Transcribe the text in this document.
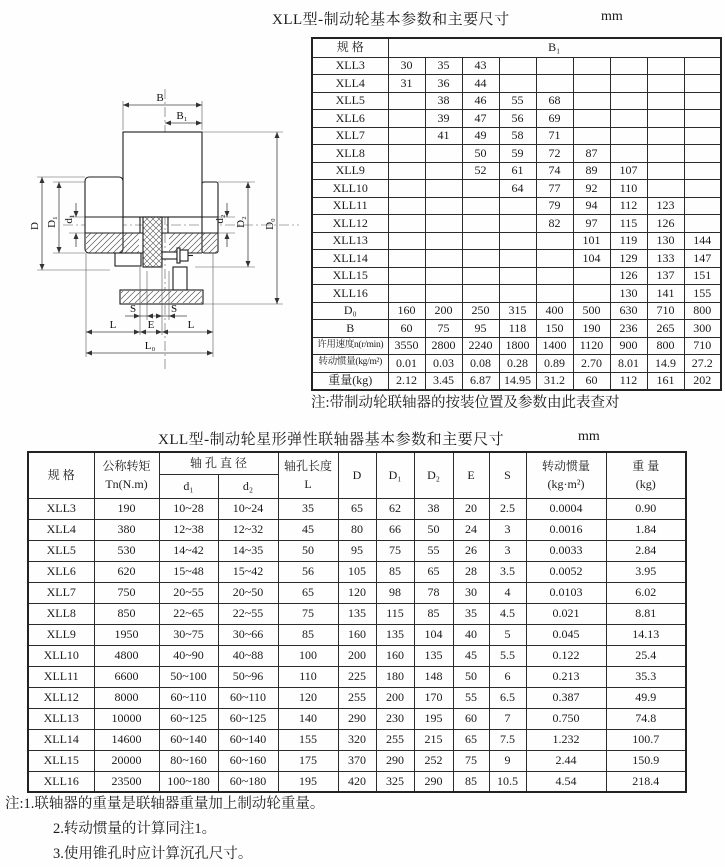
XLL型-制动轮基本参数和主要尺寸	mm
B
B₁
D D₁ d₁	d₂ D₂ D₀
S	S
L	E	L
L₀
规 格	B₁								
XLL3	30	35	43						
XLL4	31	36	44						
XLL5		38	46	55	68				
XLL6		39	47	56	69				
XLL7		41	49	58	71				
XLL8			50	59	72	87			
XLL9			52	61	74	89	107		
XLL10				64	77	92	110		
XLL11					79	94	112	123	
XLL12					82	97	115	126	
XLL13						101	119	130	144
XLL14						104	129	133	147
XLL15							126	137	151
XLL16							130	141	155
D₀	160	200	250	315	400	500	630	710	800
B	60	75	95	118	150	190	236	265	300
许用速度n(r/min)	3550	2800	2240	1800	1400	1120	900	800	710
转动惯量(kg/m²)	0.01	0.03	0.08	0.28	0.89	2.70	8.01	14.9	27.2
重量(kg)	2.12	3.45	6.87	14.95	31.2	60	112	161	202
注:带制动轮联轴器的按装位置及参数由此表查对
XLL型-制动轮星形弹性联轴器基本参数和主要尺寸	mm
规 格	
公称转矩
Tn(N.m)
	轴 孔 直 径	轴孔长度
L
	D	D₁	D₂	E	S	
转动惯量
(kg·m²)

重 量
(kg)

		d₁	d₂								
XLL3	190	10~28	10~24	35	65	62	38	20	2.5	0.0004	0.90
XLL4	380	12~38	12~32	45	80	66	50	24	3	0.0016	1.84
XLL5	530	14~42	14~35	50	95	75	55	26	3	0.0033	2.84
XLL6	620	15~48	15~42	56	105	85	65	28	3.5	0.0052	3.95
XLL7	750	20~55	20~50	65	120	98	78	30	4	0.0103	6.02
XLL8	850	22~65	22~55	75	135	115	85	35	4.5	0.021	8.81
XLL9	1950	30~75	30~66	85	160	135	104	40	5	0.045	14.13
XLL10	4800	40~90	40~88	100	200	160	135	45	5.5	0.122	25.4
XLL11	6600	50~100	50~96	110	225	180	148	50	6	0.213	35.3
XLL12	8000	60~110	60~110	120	255	200	170	55	6.5	0.387	49.9
XLL13	10000	60~125	60~125	140	290	230	195	60	7	0.750	74.8
XLL14	14600	60~140	60~140	155	320	255	215	65	7.5	1.232	100.7
XLL15	20000	80~160	60~160	175	370	290	252	75	9	2.44	150.9
XLL16	23500	100~180	60~180	195	420	325	290	85	10.5	4.54	218.4
注:1.联轴器的重量是联轴器重量加上制动轮重量。
2.转动惯量的计算同注1。
3.使用锥孔时应计算沉孔尺寸。
